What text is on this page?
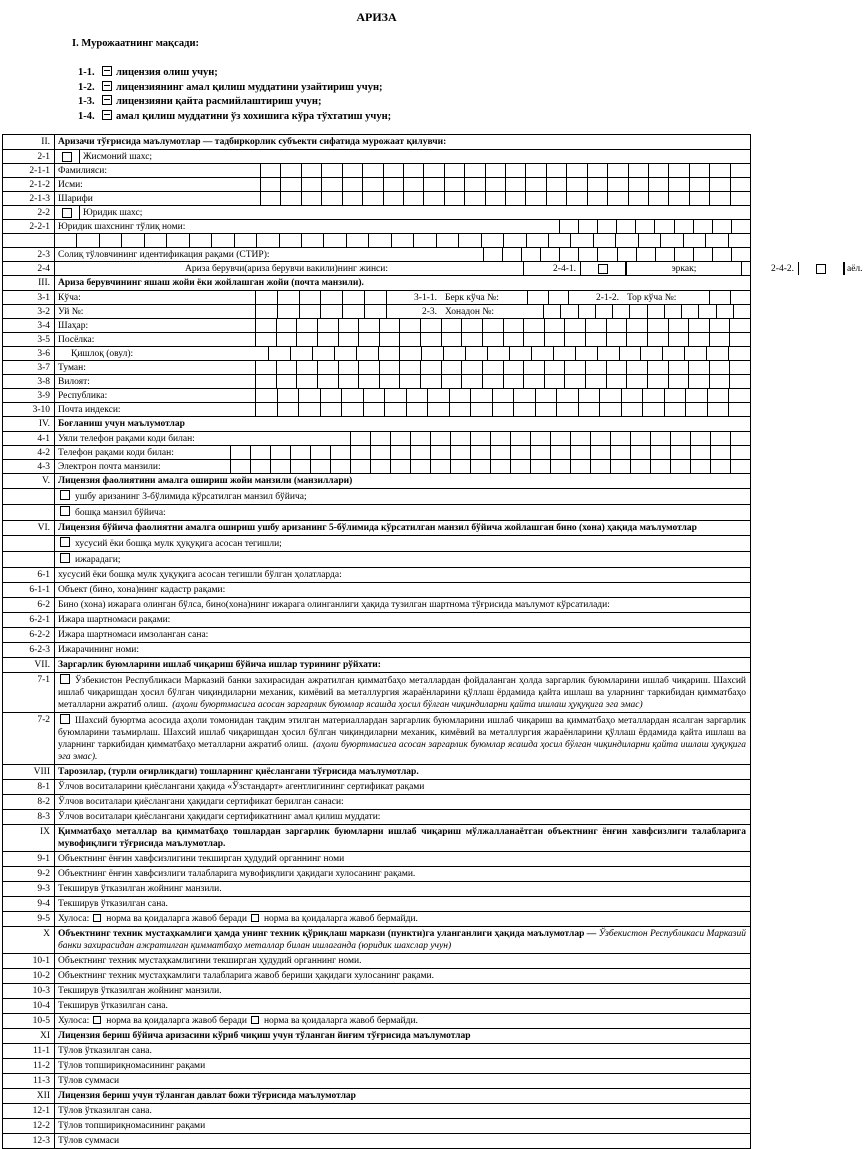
АРИЗА
I. Мурожаатнинг мақсади:
1-1. лицензия олиш учун;
1-2. лицензиянинг амал қилиш муддатини узайтириш учун;
1-3. лицензияни қайта расмийлаштириш учун;
1-4. амал қилиш муддатини ўз хохишига кўра тўхтатиш учун;
II.	Аризачи тўғрисида маълумотлар — тадбиркорлик субъекти сифатида мурожаат қилувчи:

2-1	Жисмоний шахс;

2-1-1	Фамилияси:

2-1-2	Исми:

2-1-3	Шарифи

2-2	Юридик шахс;

2-2-1	Юридик шахснинг тўлиқ номи:

2-3	Солиқ тўловчининг идентификация рақами (СТИР):

2-4	Ариза берувчи(ариза берувчи вакили)нинг жинси: 2-4-1. эркак; 2-4-2. аёл.

III.	Ариза берувчининг яшаш жойи ёки жойлашган жойи (почта манзили).

3-1	Кўча: 3-1-1. Берк кўча №: 2-1-2. Тор кўча №:

3-2	Уй №: 2-3. Хонадон №:

3-4	Шаҳар:

3-5	Посёлка:

3-6	Қишлоқ (овул):

3-7	Туман:

3-8	Вилоят:

3-9	Республика:

3-10	Почта индекси:

IV.	Боғланиш учун маълумотлар

4-1	Уяли телефон рақами коди билан:

4-2	Телефон рақами коди билан:

4-3	Электрон почта манзили:

V.	Лицензия фаолиятини амалга ошириш жойи манзили (манзиллари)

	ушбу аризанинг 3-бўлимида кўрсатилган манзил бўйича;

	бошқа манзил бўйича:

VI.	Лицензия бўйича фаолиятни амалга ошириш ушбу аризанинг 5-бўлимида кўрсатилган манзил бўйича жойлашган бино (хона) ҳақида маълумотлар

	хусусий ёки бошқа мулк ҳуқуқига асосан тегишли;

	ижарадаги;

6-1	хусусий ёки бошқа мулк ҳуқуқига асосан тегишли бўлган ҳолатларда:

6-1-1	Объект (бино, хона)нинг кадастр рақами:

6-2	Бино (хона) ижарага олинган бўлса, бино(хона)нинг ижарага олинганлиги ҳақида тузилган шартнома тўғрисида маълумот кўрсатилади:

6-2-1	Ижара шартномаси рақами:

6-2-2	Ижара шартномаси имзоланган сана:

6-2-3	Ижарачининг номи:

VII.	Заргарлик буюмларини ишлаб чиқариш бўйича ишлар турининг рўйхати:

7-1	Ўзбекистон Республикаси Марказий банки захирасидан ажратилган қимматбаҳо металлардан фойдаланган ҳолда заргарлик буюмларини ишлаб чиқариш. Шахсий ишлаб чиқаришдан ҳосил бўлган чиқиндиларни механик, кимёвий ва металлургия жараёнларини қўллаш ёрдамида қайта ишлаш ва уларнинг таркибидан қимматбаҳо металларни ажратиб олиш. (аҳоли буюртмасига асосан заргарлик буюмлар ясашда ҳосил бўлган чиқиндиларни қайта ишлаш ҳуқуқига эга эмас)

7-2	Шахсий буюртма асосида аҳоли томонидан тақдим этилган материаллардан заргарлик буюмларини ишлаб чиқариш ва қимматбаҳо металлардан ясалган заргарлик буюмларини таъмирлаш. Шахсий ишлаб чиқаришдан ҳосил бўлган чиқиндиларни механик, кимёвий ва металлургия жараёнларини қўллаш ёрдамида қайта ишлаш ва уларнинг таркибидан қимматбаҳо металларни ажратиб олиш. (аҳоли буюртмасига асосан заргарлик буюмлар ясашда ҳосил бўлган чиқиндиларни қайта ишлаш ҳуқуқига эга эмас).

VIII	Тарозилар, (турли оғирликдаги) тошларнинг қиёслангани тўғрисида маълумотлар.

8-1	Ўлчов воситаларини қиёслангани ҳақида «Ўзстандарт» агентлигининг сертификат рақами

8-2	Ўлчов воситалари қиёслангани ҳақидаги сертификат берилган санаси:

8-3	Ўлчов воситалари қиёслангани ҳақидаги сертификатнинг амал қилиш муддати:

IX	Қимматбаҳо металлар ва қимматбаҳо тошлардан заргарлик буюмларни ишлаб чиқариш мўлжалланаётган объектнинг ёнғин хавфсизлиги талабларига мувофиқлиги тўғрисида маълумотлар.

9-1	Объектнинг ёнғин хавфсизлигини текширган ҳудудий органнинг номи

9-2	Объектнинг ёнғин хавфсизлиги талабларига мувофиқлиги ҳақидаги хулосанинг рақами.

9-3	Текширув ўтказилган жойнинг манзили.

9-4	Текширув ўтказилган сана.

9-5	Хулоса: норма ва қоидаларга жавоб беради норма ва қоидаларга жавоб бермайди.

X	Объектнинг техник мустаҳкамлиги ҳамда унинг техник қўриқлаш маркази (пункти)га уланганлиги ҳақида маълумотлар — Ўзбекистон Республикаси Марказий банки захирасидан ажратилган қимматбаҳо металлар билан ишлаганда (юридик шахслар учун)

10-1	Объектнинг техник мустаҳкамлигини текширган ҳудудий органнинг номи.

10-2	Объектнинг техник мустаҳкамлиги талабларига жавоб бериши ҳақидаги хулосанинг рақами.

10-3	Текширув ўтказилган жойнинг манзили.

10-4	Текширув ўтказилган сана.

10-5	Хулоса: норма ва қоидаларга жавоб беради норма ва қоидаларга жавоб бермайди.

XI	Лицензия бериш бўйича аризасини кўриб чиқиш учун тўланган йиғим тўғрисида маълумотлар

11-1	Тўлов ўтказилган сана.

11-2	Тўлов топшириқномасининг рақами

11-3	Тўлов суммаси

XII	Лицензия бериш учун тўланган давлат божи тўғрисида маълумотлар

12-1	Тўлов ўтказилган сана.

12-2	Тўлов топшириқномасининг рақами

12-3	Тўлов суммаси
